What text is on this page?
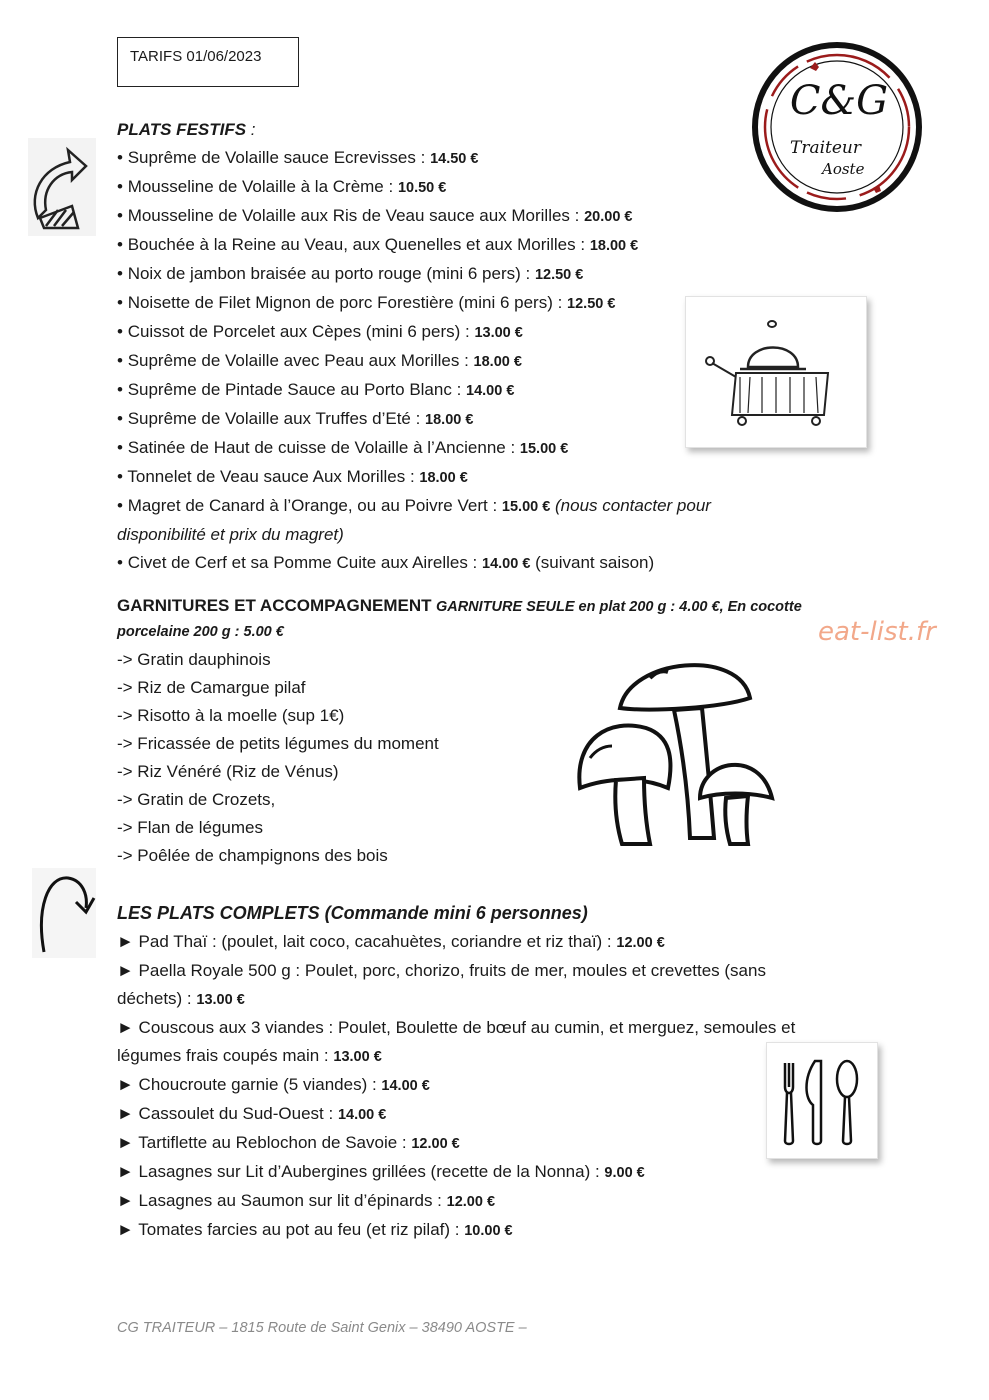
TARIFS 01/06/2023
C&G
Traiteur
Aoste
PLATS FESTIFS :
• Suprême de Volaille sauce Ecrevisses : 14.50 €
• Mousseline de Volaille à la Crème : 10.50 €
• Mousseline de Volaille aux Ris de Veau sauce aux Morilles : 20.00 €
• Bouchée à la Reine au Veau, aux Quenelles et aux Morilles : 18.00 €
• Noix de jambon braisée au porto rouge (mini 6 pers) : 12.50 €
• Noisette de Filet Mignon de porc Forestière (mini 6 pers) : 12.50 €
• Cuissot de Porcelet aux Cèpes (mini 6 pers) : 13.00 €
• Suprême de Volaille avec Peau aux Morilles : 18.00 €
• Suprême de Pintade Sauce au Porto Blanc : 14.00 €
• Suprême de Volaille aux Truffes d’Eté : 18.00 €
• Satinée de Haut de cuisse de Volaille à l’Ancienne : 15.00 €
• Tonnelet de Veau sauce Aux Morilles : 18.00 €
• Magret de Canard à l’Orange, ou au Poivre Vert : 15.00 € (nous contacter pour
disponibilité et prix du magret)
• Civet de Cerf et sa Pomme Cuite aux Airelles : 14.00 € (suivant saison)
GARNITURES ET ACCOMPAGNEMENT GARNITURE SEULE en plat 200 g : 4.00 €, En cocotte
porcelaine 200 g : 5.00 €	eat-list.fr
-> Gratin dauphinois
-> Riz de Camargue pilaf
-> Risotto à la moelle (sup 1€)
-> Fricassée de petits légumes du moment
-> Riz Vénéré (Riz de Vénus)
-> Gratin de Crozets,
-> Flan de légumes
-> Poêlée de champignons des bois
LES PLATS COMPLETS (Commande mini 6 personnes)
► Pad Thaï : (poulet, lait coco, cacahuètes, coriandre et riz thaï) : 12.00 €
► Paella Royale 500 g : Poulet, porc, chorizo, fruits de mer, moules et crevettes (sans
déchets) : 13.00 €
► Couscous aux 3 viandes : Poulet, Boulette de bœuf au cumin, et merguez, semoules et
légumes frais coupés main : 13.00 €
► Choucroute garnie (5 viandes) : 14.00 €
► Cassoulet du Sud-Ouest : 14.00 €
► Tartiflette au Reblochon de Savoie : 12.00 €
► Lasagnes sur Lit d’Aubergines grillées (recette de la Nonna) : 9.00 €
► Lasagnes au Saumon sur lit d’épinards : 12.00 €
► Tomates farcies au pot au feu (et riz pilaf) : 10.00 €
CG TRAITEUR – 1815 Route de Saint Genix – 38490 AOSTE –
